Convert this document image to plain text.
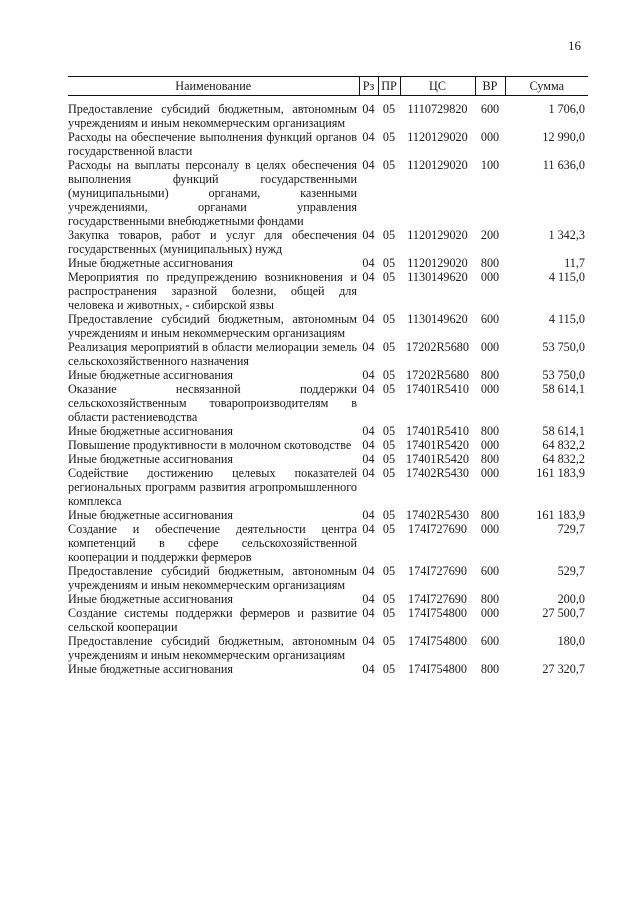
16
Наименование	Рз	ПР	ЦС	ВР	Сумма
Предоставление субсидий бюджетным, автономным учреждениям и иным некоммерческим организациям	04	05	1110729820	600	1 706,0
Расходы на обеспечение выполнения функций органов государственной власти	04	05	1120129020	000	12 990,0
Расходы на выплаты персоналу в целях обеспечения выполнения функций государственными (муниципальными) органами, казенными учреждениями, органами управления государственными внебюджетными фондами	04	05	1120129020	100	11 636,0
Закупка товаров, работ и услуг для обеспечения государственных (муниципальных) нужд	04	05	1120129020	200	1 342,3
Иные бюджетные ассигнования	04	05	1120129020	800	11,7
Мероприятия по предупреждению возникновения и распространения заразной болезни, общей для человека и животных, - сибирской язвы	04	05	1130149620	000	4 115,0
Предоставление субсидий бюджетным, автономным учреждениям и иным некоммерческим организациям	04	05	1130149620	600	4 115,0
Реализация мероприятий в области мелиорации земель сельскохозяйственного назначения	04	05	17202R5680	000	53 750,0
Иные бюджетные ассигнования	04	05	17202R5680	800	53 750,0
Оказание несвязанной поддержки сельскохозяйственным товаропроизводителям в области растениеводства	04	05	17401R5410	000	58 614,1
Иные бюджетные ассигнования	04	05	17401R5410	800	58 614,1
Повышение продуктивности в молочном скотоводстве	04	05	17401R5420	000	64 832,2
Иные бюджетные ассигнования	04	05	17401R5420	800	64 832,2
Содействие достижению целевых показателей региональных программ развития агропромышленного комплекса	04	05	17402R5430	000	161 183,9
Иные бюджетные ассигнования	04	05	17402R5430	800	161 183,9
Создание и обеспечение деятельности центра компетенций в сфере сельскохозяйственной кооперации и поддержки фермеров	04	05	174I727690	000	729,7
Предоставление субсидий бюджетным, автономным учреждениям и иным некоммерческим организациям	04	05	174I727690	600	529,7
Иные бюджетные ассигнования	04	05	174I727690	800	200,0
Создание системы поддержки фермеров и развитие сельской кооперации	04	05	174I754800	000	27 500,7
Предоставление субсидий бюджетным, автономным учреждениям и иным некоммерческим организациям	04	05	174I754800	600	180,0
Иные бюджетные ассигнования	04	05	174I754800	800	27 320,7
